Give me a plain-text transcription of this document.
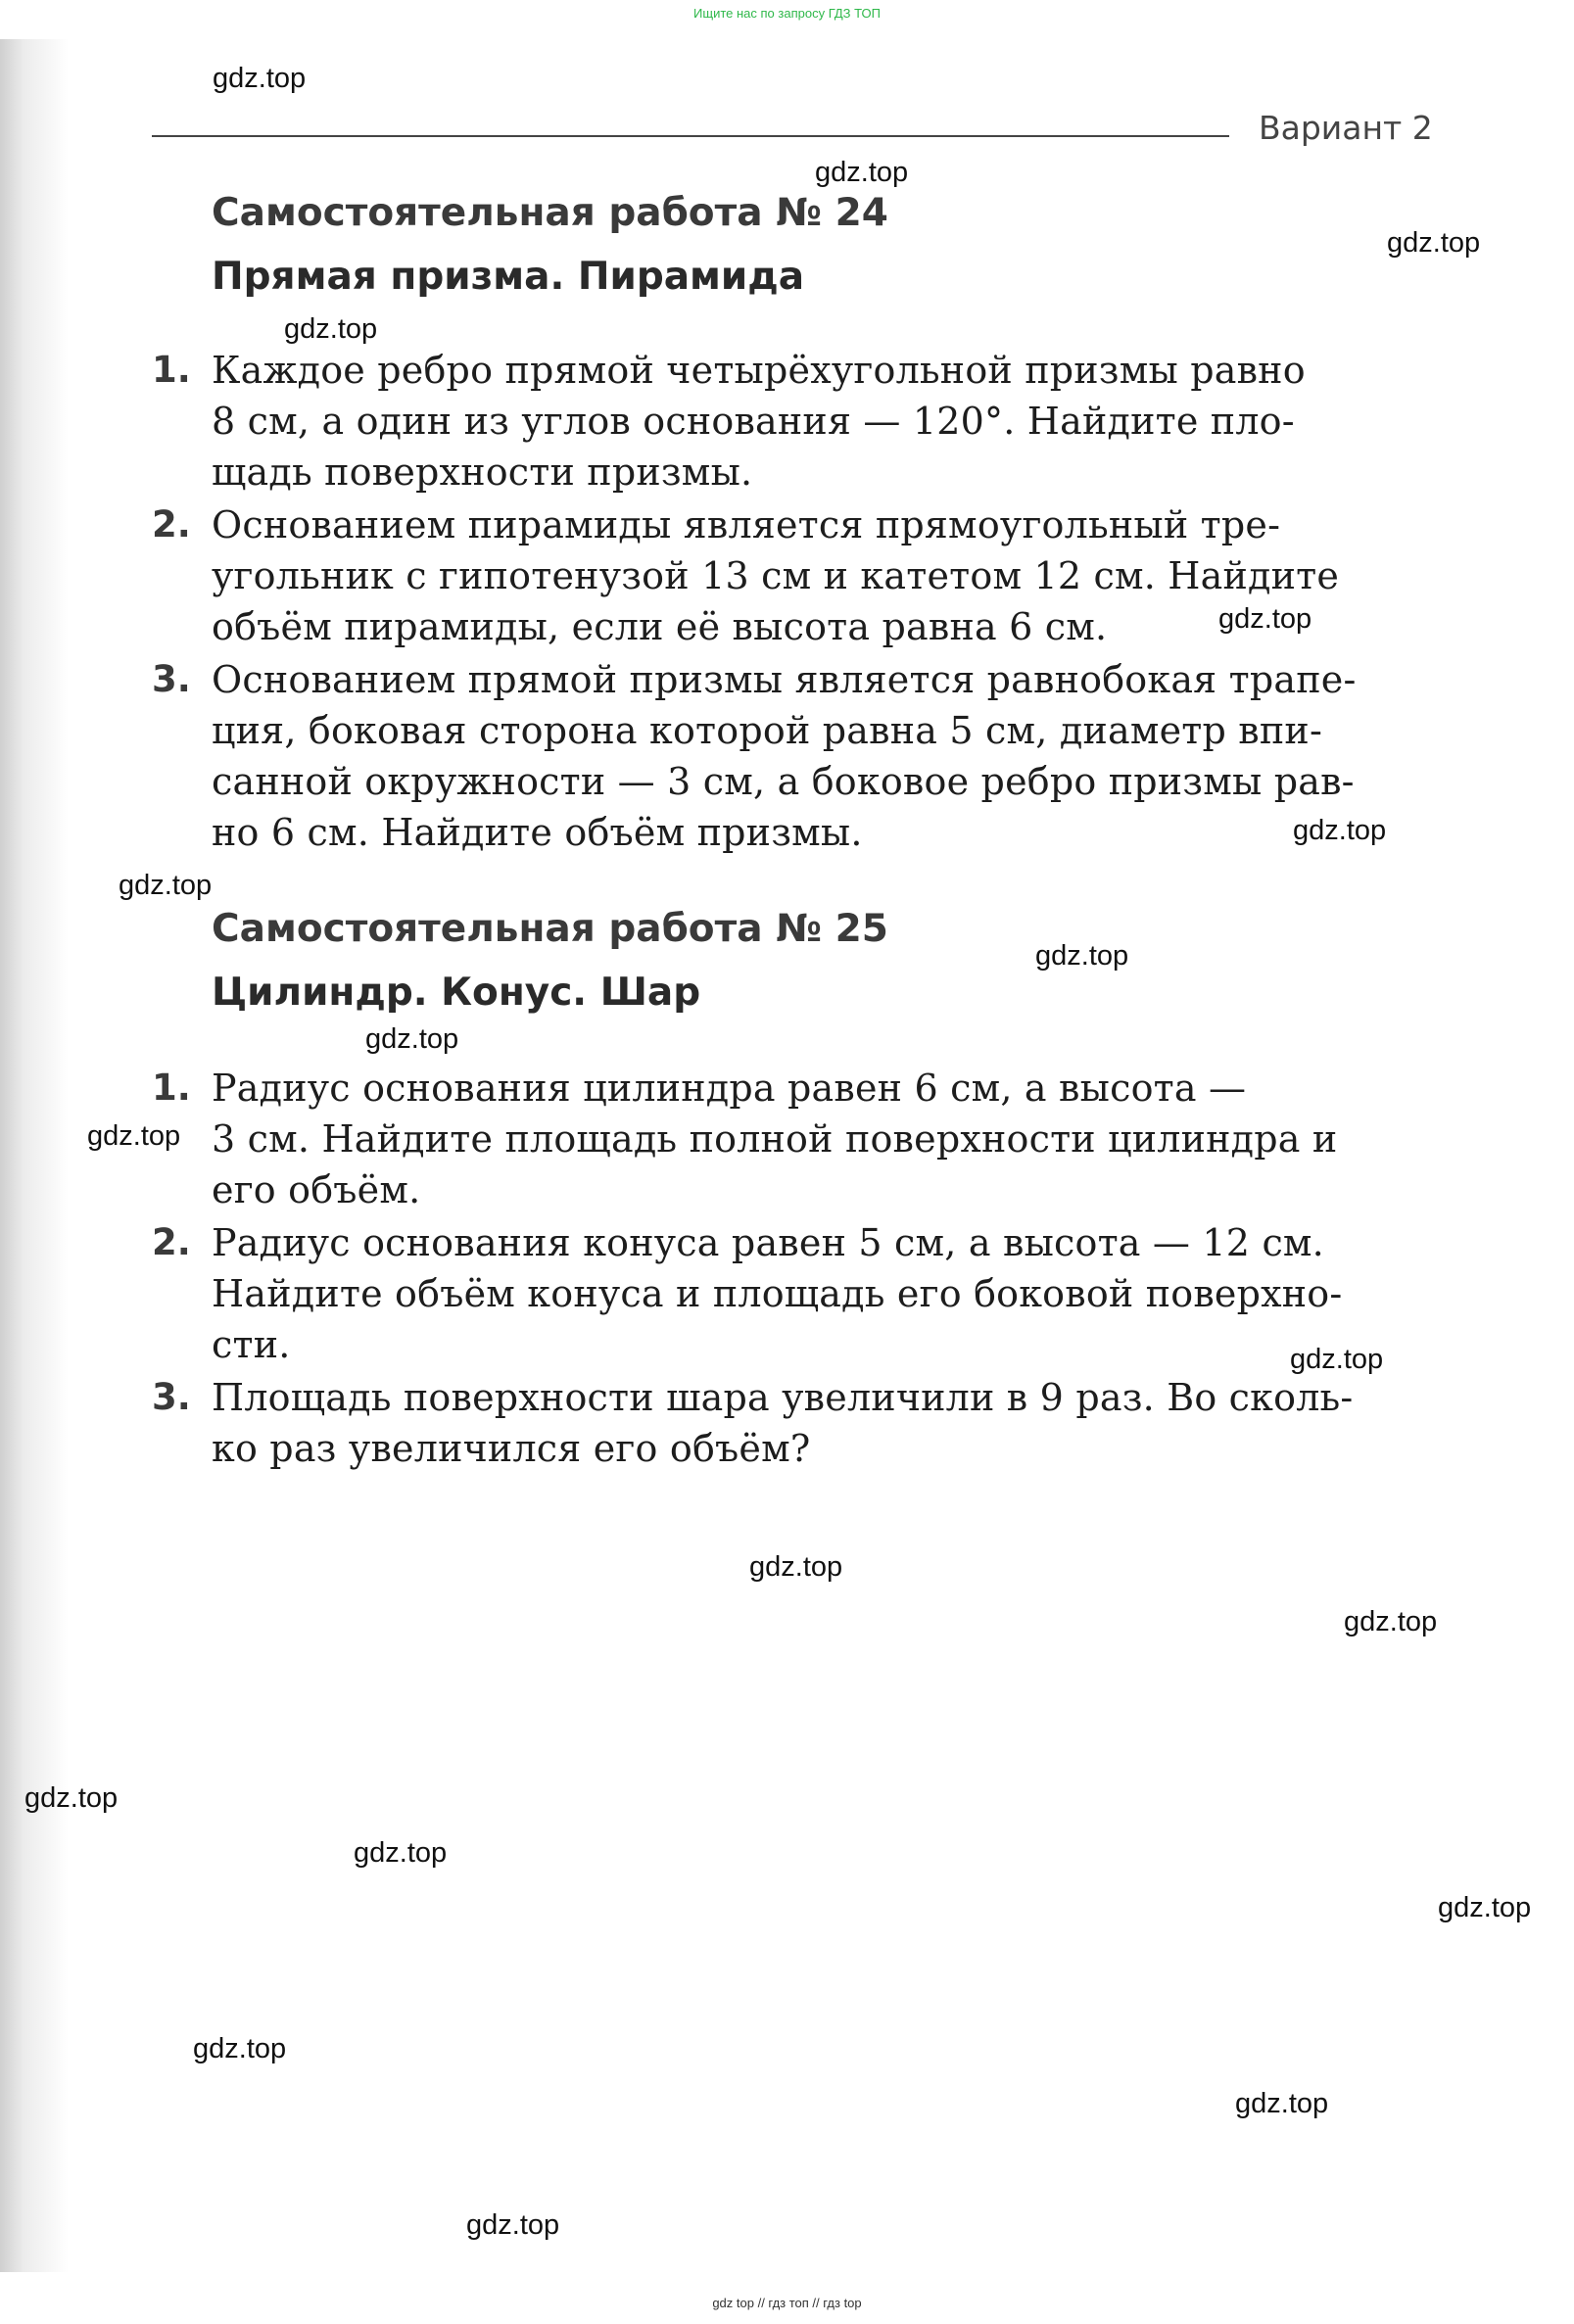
Ищите нас по запросу ГДЗ ТОП
Вариант 2
Самостоятельная работа № 24
Прямая призма. Пирамида
1. Каждое ребро прямой четырёхугольной призмы равно
8 см, а один из углов основания — 120°. Найдите пло-
щадь поверхности призмы.
2. Основанием пирамиды является прямоугольный тре-
угольник с гипотенузой 13 см и катетом 12 см. Найдите
объём пирамиды, если её высота равна 6 см.
3. Основанием прямой призмы является равнобокая трапе-
ция, боковая сторона которой равна 5 см, диаметр впи-
санной окружности — 3 см, а боковое ребро призмы рав-
но 6 см. Найдите объём призмы.
Самостоятельная работа № 25
Цилиндр. Конус. Шар
1. Радиус основания цилиндра равен 6 см, а высота —
3 см. Найдите площадь полной поверхности цилиндра и
его объём.
2. Радиус основания конуса равен 5 см, а высота — 12 см.
Найдите объём конуса и площадь его боковой поверхно-
сти.
3. Площадь поверхности шара увеличили в 9 раз. Во сколь-
ко раз увеличился его объём?
gdz.top
gdz.top
gdz.top
gdz.top
gdz.top
gdz.top
gdz.top
gdz.top
gdz.top
gdz.top
gdz.top
gdz.top
gdz.top
gdz.top
gdz.top
gdz.top
gdz.top
gdz.top
gdz.top
gdz top // гдз топ // гдз top
